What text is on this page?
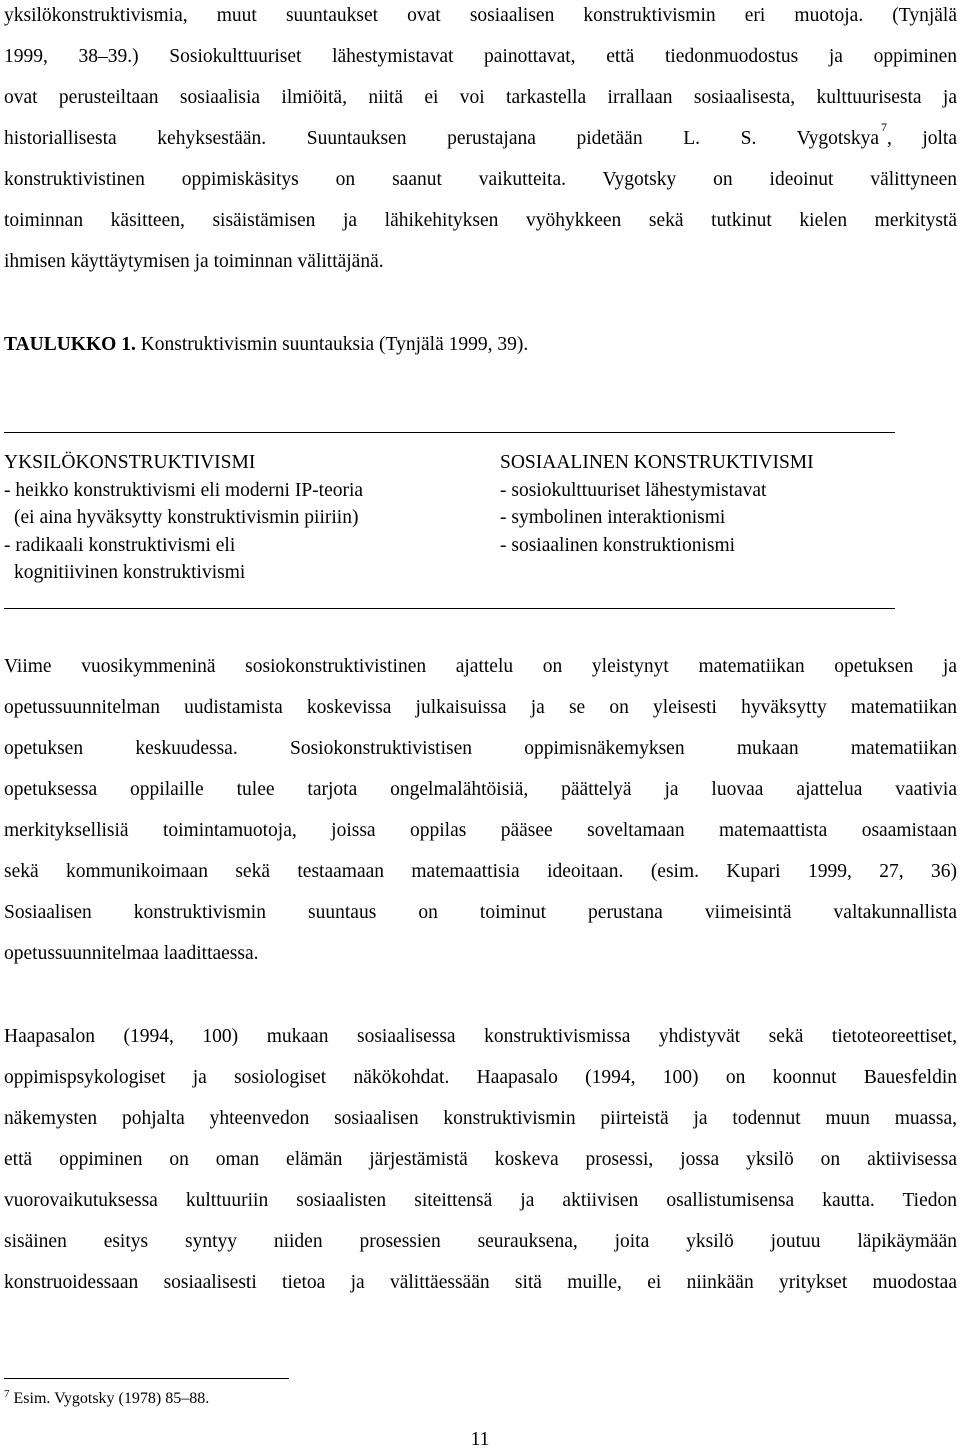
yksilökonstruktivismia, muut suuntaukset ovat sosiaalisen konstruktivismin eri muotoja. (Tynjälä
1999, 38–39.) Sosiokulttuuriset lähestymistavat painottavat, että tiedonmuodostus ja oppiminen
ovat perusteiltaan sosiaalisia ilmiöitä, niitä ei voi tarkastella irrallaan sosiaalisesta, kulttuurisesta ja
historiallisesta kehyksestään. Suuntauksen perustajana pidetään L. S. Vygotskya
7
, jolta
konstruktivistinen oppimiskäsitys on saanut vaikutteita. Vygotsky on ideoinut välittyneen
toiminnan käsitteen, sisäistämisen ja lähikehityksen vyöhykkeen sekä tutkinut kielen merkitystä
ihmisen käyttäytymisen ja toiminnan välittäjänä.
TAULUKKO 1. Konstruktivismin suuntauksia (Tynjälä 1999, 39).
YKSILÖKONSTRUKTIVISMI
- heikko konstruktivismi eli moderni IP-teoria
(ei aina hyväksytty konstruktivismin piiriin)
- radikaali konstruktivismi eli
kognitiivinen konstruktivismi
SOSIAALINEN KONSTRUKTIVISMI
- sosiokulttuuriset lähestymistavat
- symbolinen interaktionismi
- sosiaalinen konstruktionismi
Viime vuosikymmeninä sosiokonstruktivistinen ajattelu on yleistynyt matematiikan opetuksen ja
opetussuunnitelman uudistamista koskevissa julkaisuissa ja se on yleisesti hyväksytty matematiikan
opetuksen keskuudessa. Sosiokonstruktivistisen oppimisnäkemyksen mukaan matematiikan
opetuksessa oppilaille tulee tarjota ongelmalähtöisiä, päättelyä ja luovaa ajattelua vaativia
merkityksellisiä toimintamuotoja, joissa oppilas pääsee soveltamaan matemaattista osaamistaan
sekä kommunikoimaan sekä testaamaan matemaattisia ideoitaan. (esim. Kupari 1999, 27, 36)
Sosiaalisen konstruktivismin suuntaus on toiminut perustana viimeisintä valtakunnallista
opetussuunnitelmaa laadittaessa.
Haapasalon (1994, 100) mukaan sosiaalisessa konstruktivismissa yhdistyvät sekä tietoteoreettiset,
oppimispsykologiset ja sosiologiset näkökohdat. Haapasalo (1994, 100) on koonnut Bauesfeldin
näkemysten pohjalta yhteenvedon sosiaalisen konstruktivismin piirteistä ja todennut muun muassa,
että oppiminen on oman elämän järjestämistä koskeva prosessi, jossa yksilö on aktiivisessa
vuorovaikutuksessa kulttuuriin sosiaalisten siteittensä ja aktiivisen osallistumisensa kautta. Tiedon
sisäinen esitys syntyy niiden prosessien seurauksena, joita yksilö joutuu läpikäymään
konstruoidessaan sosiaalisesti tietoa ja välittäessään sitä muille, ei niinkään yritykset muodostaa
$^7$ Esim. Vygotsky (1978) 85–88.
11
